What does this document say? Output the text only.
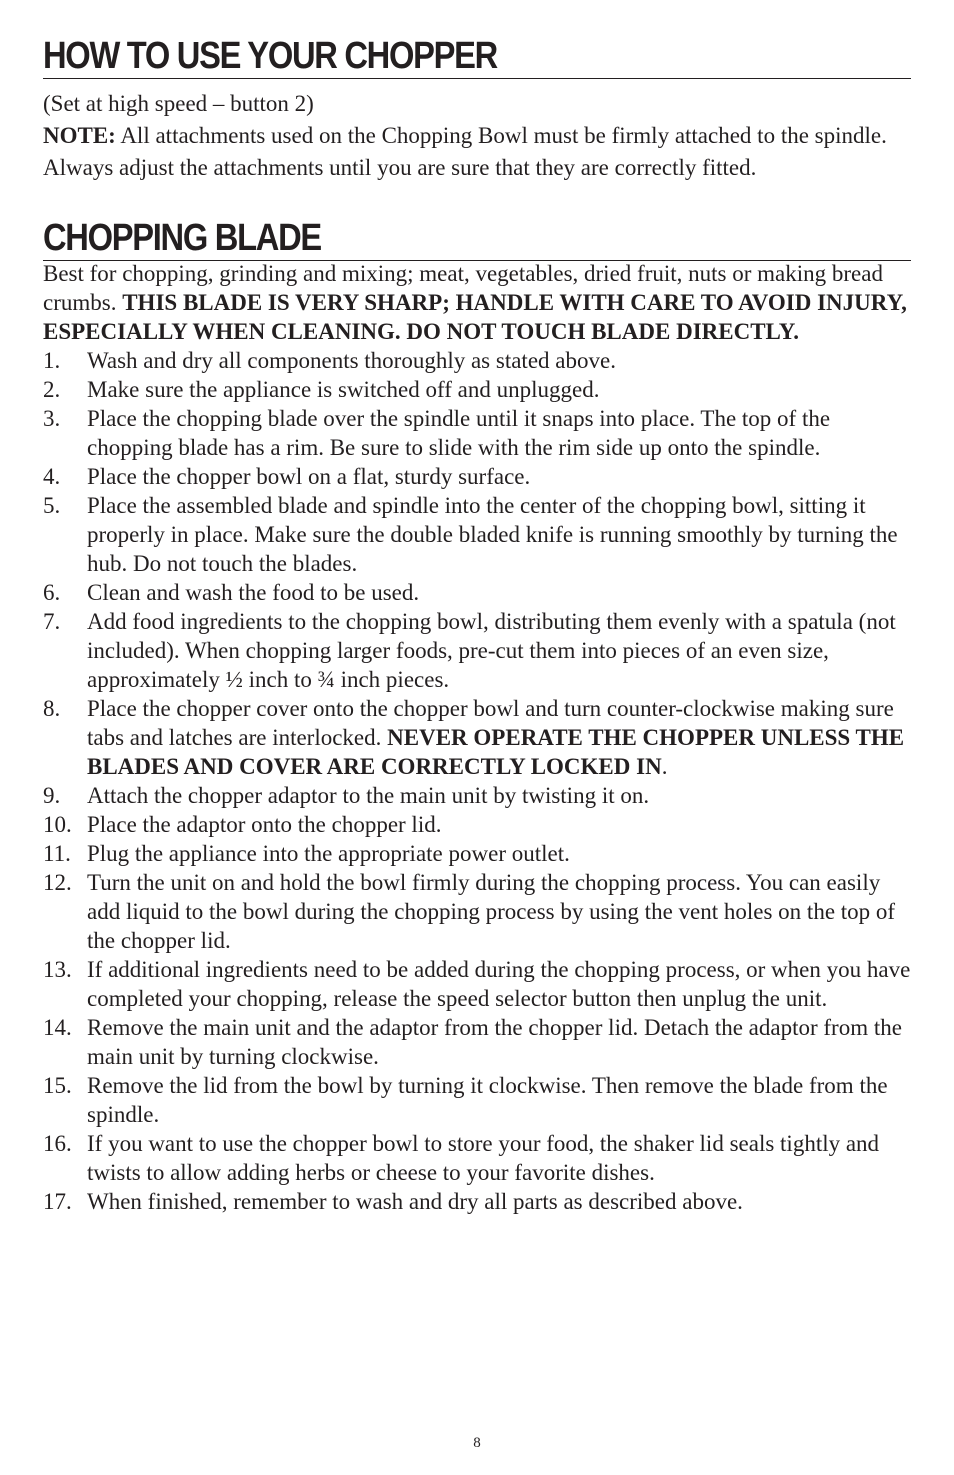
HOW TO USE YOUR CHOPPER
(Set at high speed – button 2)

NOTE: All attachments used on the Chopping Bowl must be firmly attached to the spindle. Always adjust the attachments until you are sure that they are correctly fitted.

CHOPPING BLADE
Best for chopping, grinding and mixing; meat, vegetables, dried fruit, nuts or making bread crumbs. THIS BLADE IS VERY SHARP; HANDLE WITH CARE TO AVOID INJURY, ESPECIALLY WHEN CLEANING. DO NOT TOUCH BLADE DIRECTLY.
1. Wash and dry all components thoroughly as stated above.
2. Make sure the appliance is switched off and unplugged.
3. Place the chopping blade over the spindle until it snaps into place. The top of the chopping blade has a rim. Be sure to slide with the rim side up onto the spindle.
4. Place the chopper bowl on a flat, sturdy surface.
5. Place the assembled blade and spindle into the center of the chopping bowl, sitting it properly in place. Make sure the double bladed knife is running smoothly by turning the hub. Do not touch the blades.
6. Clean and wash the food to be used.
7. Add food ingredients to the chopping bowl, distributing them evenly with a spatula (not included). When chopping larger foods, pre-cut them into pieces of an even size, approximately ½ inch to ¾ inch pieces.
8. Place the chopper cover onto the chopper bowl and turn counter-clockwise making sure tabs and latches are interlocked. NEVER OPERATE THE CHOPPER UNLESS THE BLADES AND COVER ARE CORRECTLY LOCKED IN.
9. Attach the chopper adaptor to the main unit by twisting it on.
10. Place the adaptor onto the chopper lid.
11. Plug the appliance into the appropriate power outlet.
12. Turn the unit on and hold the bowl firmly during the chopping process. You can easily add liquid to the bowl during the chopping process by using the vent holes on the top of the chopper lid.
13. If additional ingredients need to be added during the chopping process, or when you have completed your chopping, release the speed selector button then unplug the unit.
14. Remove the main unit and the adaptor from the chopper lid. Detach the adaptor from the main unit by turning clockwise.
15. Remove the lid from the bowl by turning it clockwise. Then remove the blade from the spindle.
16. If you want to use the chopper bowl to store your food, the shaker lid seals tightly and twists to allow adding herbs or cheese to your favorite dishes.
17. When finished, remember to wash and dry all parts as described above.
8
